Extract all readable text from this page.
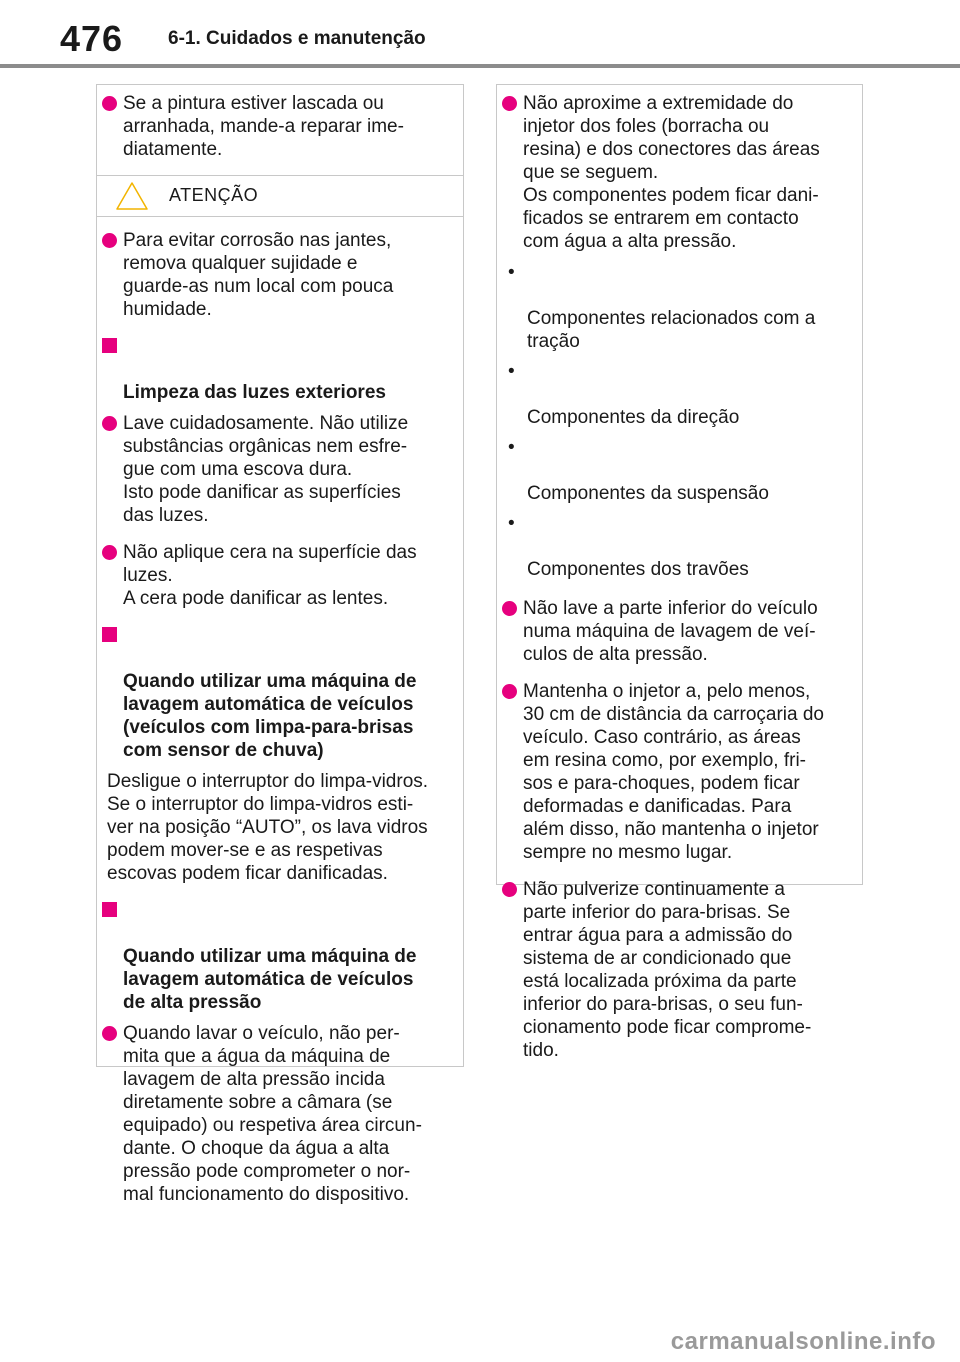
476 6-1. Cuidados e manutenção
Se a pintura estiver lascada ou
arranhada, mande-a reparar ime-
diatamente.
ATENÇÃO
Para evitar corrosão nas jantes,
remova qualquer sujidade e
guarde-as num local com pouca
humidade.

Limpeza das luzes exteriores

Lave cuidadosamente. Não utilize
substâncias orgânicas nem esfre-
gue com uma escova dura.
Isto pode danificar as superfícies
das luzes.
Não aplique cera na superfície das
luzes.
A cera pode danificar as lentes.

Quando utilizar uma máquina de
lavagem automática de veículos
(veículos com limpa-para-brisas
com sensor de chuva)

Desligue o interruptor do limpa-vidros.
Se o interruptor do limpa-vidros esti-
ver na posição “AUTO”, os lava vidros
podem mover-se e as respetivas
escovas podem ficar danificadas.

Quando utilizar uma máquina de
lavagem automática de veículos
de alta pressão

Quando lavar o veículo, não per-
mita que a água da máquina de
lavagem de alta pressão incida
diretamente sobre a câmara (se
equipado) ou respetiva área circun-
dante. O choque da água a alta
pressão pode comprometer o nor-
mal funcionamento do dispositivo.
Não aproxime a extremidade do
injetor dos foles (borracha ou
resina) e dos conectores das áreas
que se seguem.
Os componentes podem ficar dani-
ficados se entrarem em contacto
com água a alta pressão.

•

Componentes relacionados com a
tração

•

Componentes da direção

•

Componentes da suspensão

•

Componentes dos travões

Não lave a parte inferior do veículo
numa máquina de lavagem de veí-
culos de alta pressão.
Mantenha o injetor a, pelo menos,
30 cm de distância da carroçaria do
veículo. Caso contrário, as áreas
em resina como, por exemplo, fri-
sos e para-choques, podem ficar
deformadas e danificadas. Para
além disso, não mantenha o injetor
sempre no mesmo lugar.
Não pulverize continuamente a
parte inferior do para-brisas. Se
entrar água para a admissão do
sistema de ar condicionado que
está localizada próxima da parte
inferior do para-brisas, o seu fun-
cionamento pode ficar comprome-
tido.
carmanualsonline.info
